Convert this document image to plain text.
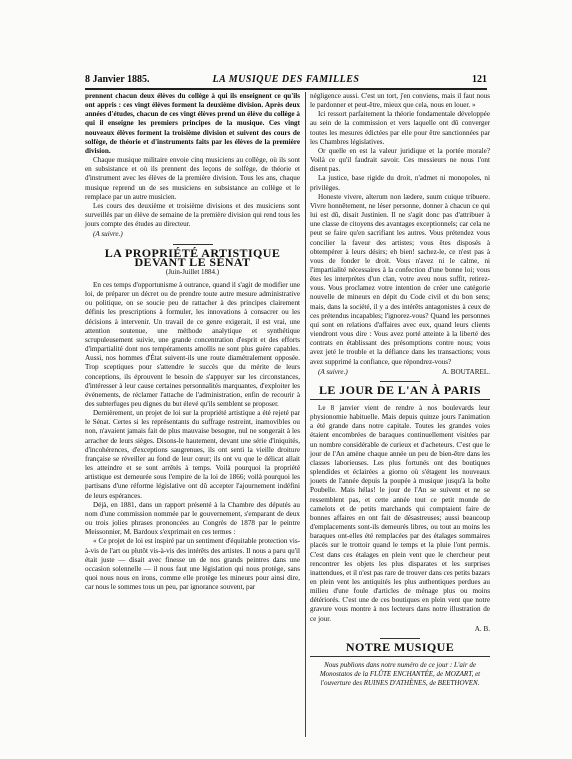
8 Janvier 1885.	LA MUSIQUE DES FAMILLES	121

prennent chacun deux élèves du collège à qui ils enseignent ce qu'ils ont appris : ces vingt élèves forment la deuxième division. Après deux années d'études, chacun de ces vingt élèves prend un élève du collège à qui il enseigne les premiers principes de la musique. Ces vingt nouveaux élèves forment la troisième division et suivent des cours de solfège, de théorie et d'instruments faits par les élèves de la première division.

Chaque musique militaire envoie cinq musiciens au collège, où ils sont en subsistance et où ils prennent des leçons de solfège, de théorie et d'instrument avec les élèves de la première division. Tous les ans, chaque musique reprend un de ses musiciens en subsistance au collège et le remplace par un autre musicien.

Les cours des deuxième et troisième divisions et des musiciens sont surveillés par un élève de semaine de la première division qui rend tous les jours compte des études au directeur.

(A suivre.)

LA PROPRIÉTÉ ARTISTIQUE DEVANT LE SÉNAT
(Juin-Juillet 1884.)

En ces temps d'opportunisme à outrance, quand il s'agit de modifier une loi, de préparer un décret ou de prendre toute autre mesure administrative ou politique, on se soucie peu de rattacher à des principes clairement définis les prescriptions à formuler, les innovations à consacrer ou les décisions à intervenir. Un travail de ce genre exigerait, il est vrai, une attention soutenue, une méthode analytique et synthétique scrupuleusement suivie, une grande concentration d'esprit et des efforts d'impartialité dont nos tempéraments amollis ne sont plus guère capables. Aussi, nos hommes d'État suivent-ils une route diamétralement opposée. Trop sceptiques pour s'attendre le succès que du mérite de leurs conceptions, ils éprouvent le besoin de s'appuyer sur les circonstances, d'intéresser à leur cause certaines personnalités marquantes, d'exploiter les événements, de réclamer l'attache de l'administration, enfin de recourir à des subterfuges peu dignes du but élevé qu'ils semblent se proposer.

Dernièrement, un projet de loi sur la propriété artistique a été rejeté par le Sénat. Certes si les représentants du suffrage restreint, inamovibles ou non, n'avaient jamais fait de plus mauvaise besogne, nul ne songerait à les arracher de leurs sièges. Disons-le hautement, devant une série d'iniquités, d'incohérences, d'exceptions saugrenues, ils ont senti la vieille droiture française se réveiller au fond de leur cœur; ils ont vu que le délicat allait les atteindre et se sont arrêtés à temps. Voilà pourquoi la propriété artistique est demeurée sous l'empire de la loi de 1866; voilà pourquoi les partisans d'une réforme législative ont dû accepter l'ajournement indéfini de leurs espérances.

Déjà, en 1881, dans un rapport présenté à la Chambre des députés au nom d'une commission nommée par le gouvernement, s'emparant de deux ou trois jolies phrases prononcées au Congrès de 1878 par le peintre Meissonnier, M. Bardoux s'exprimait en ces termes :

« Ce projet de loi est inspiré par un sentiment d'équitable protection vis-à-vis de l'art ou plutôt vis-à-vis des intérêts des artistes. Il nous a paru qu'il était juste — disait avec finesse un de nos grands peintres dans une occasion solennelle — il nous faut une législation qui nous protège, sans quoi nous nous en irons, comme elle protège les mineurs pour ainsi dire, car nous le sommes tous un peu, par ignorance souvent, par

négligence aussi. C'est un tort, j'en conviens, mais il faut nous le pardonner et peut-être, mieux que cela, nous en louer. »

Ici ressort parfaitement la théorie fondamentale développée au sein de la commission et vers laquelle ont dû converger toutes les mesures édictées par elle pour être sanctionnées par les Chambres législatives.

Or quelle en est la valeur juridique et la portée morale? Voilà ce qu'il faudrait savoir. Ces messieurs ne nous l'ont disent pas.

La justice, base rigide du droit, n'admet ni monopoles, ni privilèges.

Honeste vivere, alterum non lædere, suum cuique tribuere. Vivre honnêtement, ne léser personne, donner à chacun ce qui lui est dû, disait Justinien. Il ne s'agit donc pas d'attribuer à une classe de citoyens des avantages exceptionnels; car cela ne peut se faire qu'en sacrifiant les autres. Vous prétendez vous concilier la faveur des artistes; vous êtes disposés à obtempérer à leurs désirs; eh bien! sachez-le, ce n'est pas à vous de fonder le droit. Vous n'avez ni le calme, ni l'impartialité nécessaires à la confection d'une bonne loi; vous êtes les interprètes d'un clan, votre aveu nous suffit, retirez-vous. Vous proclamez votre intention de créer une catégorie nouvelle de mineurs en dépit du Code civil et du bon sens; mais, dans la société, il y a des intérêts antagonistes à ceux de ces prétendus incapables; l'ignorez-vous? Quand les personnes qui sont en relations d'affaires avec eux, quand leurs clients viendront vous dire : Vous avez porté atteinte à la liberté des contrats en établissant des présomptions contre nous; vous avez jeté le trouble et la défiance dans les transactions; vous avez supprimé la confiance, que répondrez-vous?

(A suivre.)	A. BOUTAREL.
LE JOUR DE L'AN À PARIS

Le 8 janvier vient de rendre à nos boulevards leur physionomie habituelle. Mais depuis quinze jours l'animation a été grande dans notre capitale. Toutes les grandes voies étaient encombrées de baraques continuellement visitées par un nombre considérable de curieux et d'acheteurs. C'est que le jour de l'An amène chaque année un peu de bien-être dans les classes laborieuses. Les plus fortunés ont des boutiques splendides et éclairées a giorno où s'étagent les nouveaux jouets de l'année depuis la poupée à musique jusqu'à la boîte Poubelle. Mais hélas! le jour de l'An se suivent et ne se ressemblent pas, et cette année tout ce petit monde de camelots et de petits marchands qui comptaient faire de bonnes affaires en ont fait de désastreuses; aussi beaucoup d'emplacements sont-ils demeurés libres, ou tout au moins les baraques ont-elles été remplacées par des étalages sommaires placés sur le trottoir quand le temps et la pluie l'ont permis. C'est dans ces étalages en plein vent que le chercheur peut rencontrer les objets les plus disparates et les surprises inattendues, et il n'est pas rare de trouver dans ces petits bazars en plein vent les antiquités les plus authentiques perdues au milieu d'une foule d'articles de ménage plus ou moins détériorés. C'est une de ces boutiques en plein vent que notre gravure vous montre à nos lecteurs dans notre illustration de ce jour.

A. B.
NOTRE MUSIQUE
Nous publions dans notre numéro de ce jour : L'air de Monostatos de la FLÛTE ENCHANTÉE, de MOZART, et l'ouverture des RUINES D'ATHÈNES, de BEETHOVEN.
